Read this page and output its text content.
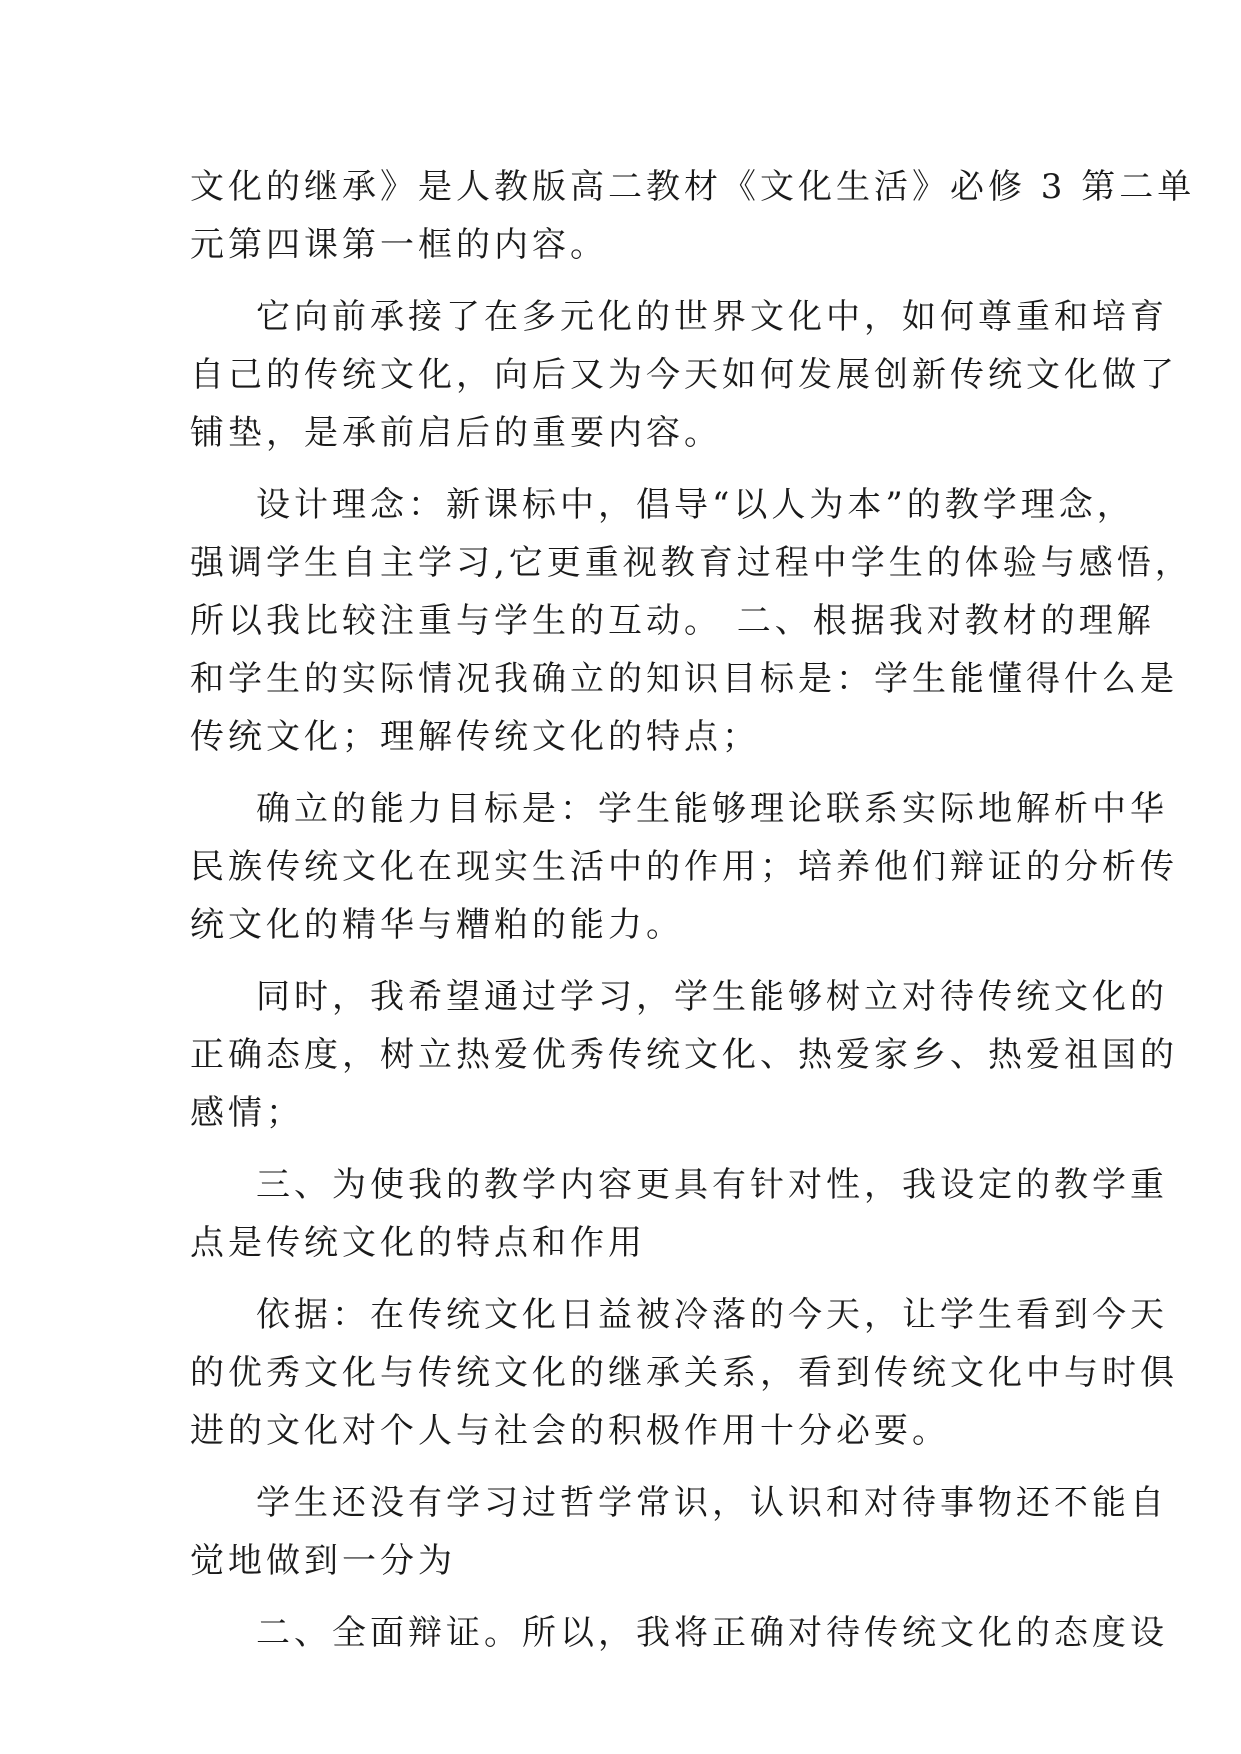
文化的继承》是人教版高二教材《文化生活》必修 3 第二单
元第四课第一框的内容。
它向前承接了在多元化的世界文化中，如何尊重和培育
自己的传统文化，向后又为今天如何发展创新传统文化做了
铺垫，是承前启后的重要内容。
设计理念：新课标中，倡导“以人为本”的教学理念，
强调学生自主学习,它更重视教育过程中学生的体验与感悟，
所以我比较注重与学生的互动。 二、根据我对教材的理解
和学生的实际情况我确立的知识目标是：学生能懂得什么是
传统文化；理解传统文化的特点；
确立的能力目标是：学生能够理论联系实际地解析中华
民族传统文化在现实生活中的作用；培养他们辩证的分析传
统文化的精华与糟粕的能力。
同时，我希望通过学习，学生能够树立对待传统文化的
正确态度，树立热爱优秀传统文化、热爱家乡、热爱祖国的
感情；
三、为使我的教学内容更具有针对性，我设定的教学重
点是传统文化的特点和作用
依据：在传统文化日益被冷落的今天，让学生看到今天
的优秀文化与传统文化的继承关系，看到传统文化中与时俱
进的文化对个人与社会的积极作用十分必要。
学生还没有学习过哲学常识，认识和对待事物还不能自
觉地做到一分为
二、全面辩证。所以，我将正确对待传统文化的态度设
